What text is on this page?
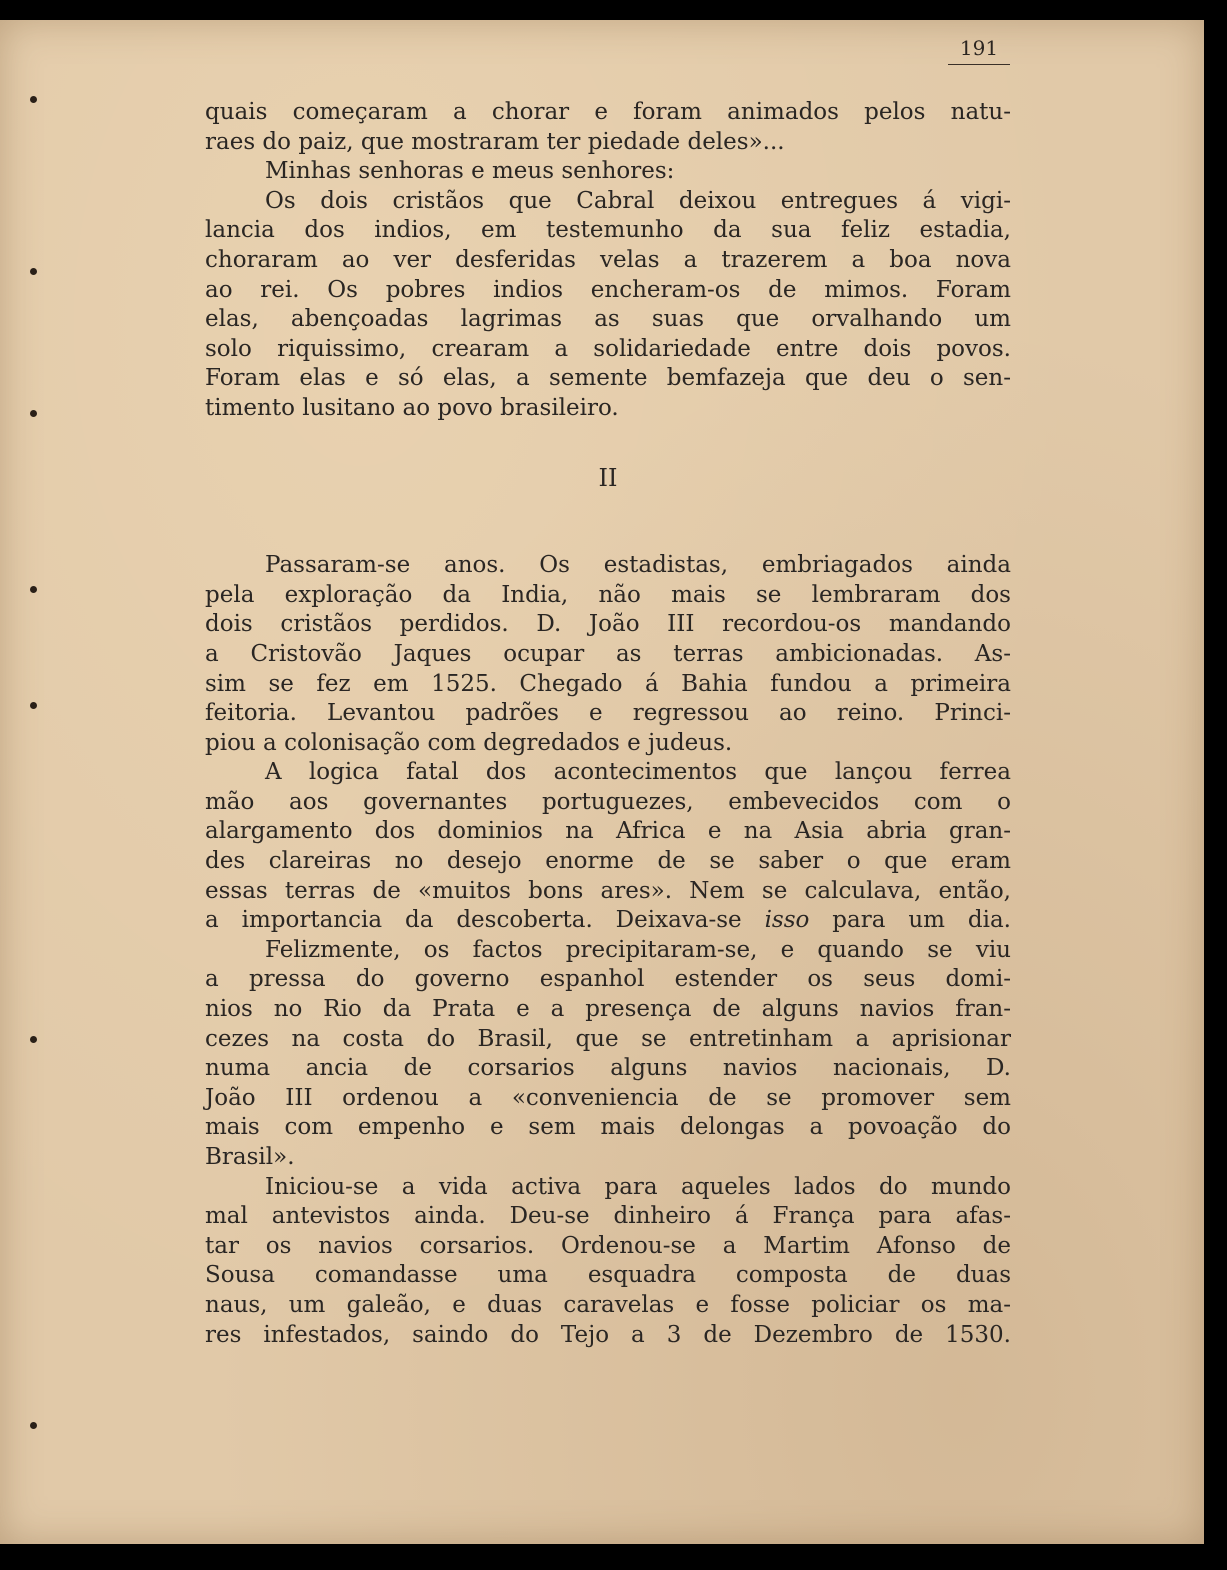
191
quais começaram a chorar e foram animados pelos natu-
raes do paiz, que mostraram ter piedade deles»...
Minhas senhoras e meus senhores:
Os dois cristãos que Cabral deixou entregues á vigi-
lancia dos indios, em testemunho da sua feliz estadia,
choraram ao ver desferidas velas a trazerem a boa nova
ao rei. Os pobres indios encheram-os de mimos. Foram
elas, abençoadas lagrimas as suas que orvalhando um
solo riquissimo, crearam a solidariedade entre dois povos.
Foram elas e só elas, a semente bemfazeja que deu o sen-
timento lusitano ao povo brasileiro.
II
Passaram-se anos. Os estadistas, embriagados ainda
pela exploração da India, não mais se lembraram dos
dois cristãos perdidos. D. João III recordou-os mandando
a Cristovão Jaques ocupar as terras ambicionadas. As-
sim se fez em 1525. Chegado á Bahia fundou a primeira
feitoria. Levantou padrões e regressou ao reino. Princi-
piou a colonisação com degredados e judeus.
A logica fatal dos acontecimentos que lançou ferrea
mão aos governantes portuguezes, embevecidos com o
alargamento dos dominios na Africa e na Asia abria gran-
des clareiras no desejo enorme de se saber o que eram
essas terras de «muitos bons ares». Nem se calculava, então,
a importancia da descoberta. Deixava-se isso para um dia.
Felizmente, os factos precipitaram-se, e quando se viu
a pressa do governo espanhol estender os seus domi-
nios no Rio da Prata e a presença de alguns navios fran-
cezes na costa do Brasil, que se entretinham a aprisionar
numa ancia de corsarios alguns navios nacionais, D.
João III ordenou a «conveniencia de se promover sem
mais com empenho e sem mais delongas a povoação do
Brasil».
Iniciou-se a vida activa para aqueles lados do mundo
mal antevistos ainda. Deu-se dinheiro á França para afas-
tar os navios corsarios. Ordenou-se a Martim Afonso de
Sousa comandasse uma esquadra composta de duas
naus, um galeão, e duas caravelas e fosse policiar os ma-
res infestados, saindo do Tejo a 3 de Dezembro de 1530.
